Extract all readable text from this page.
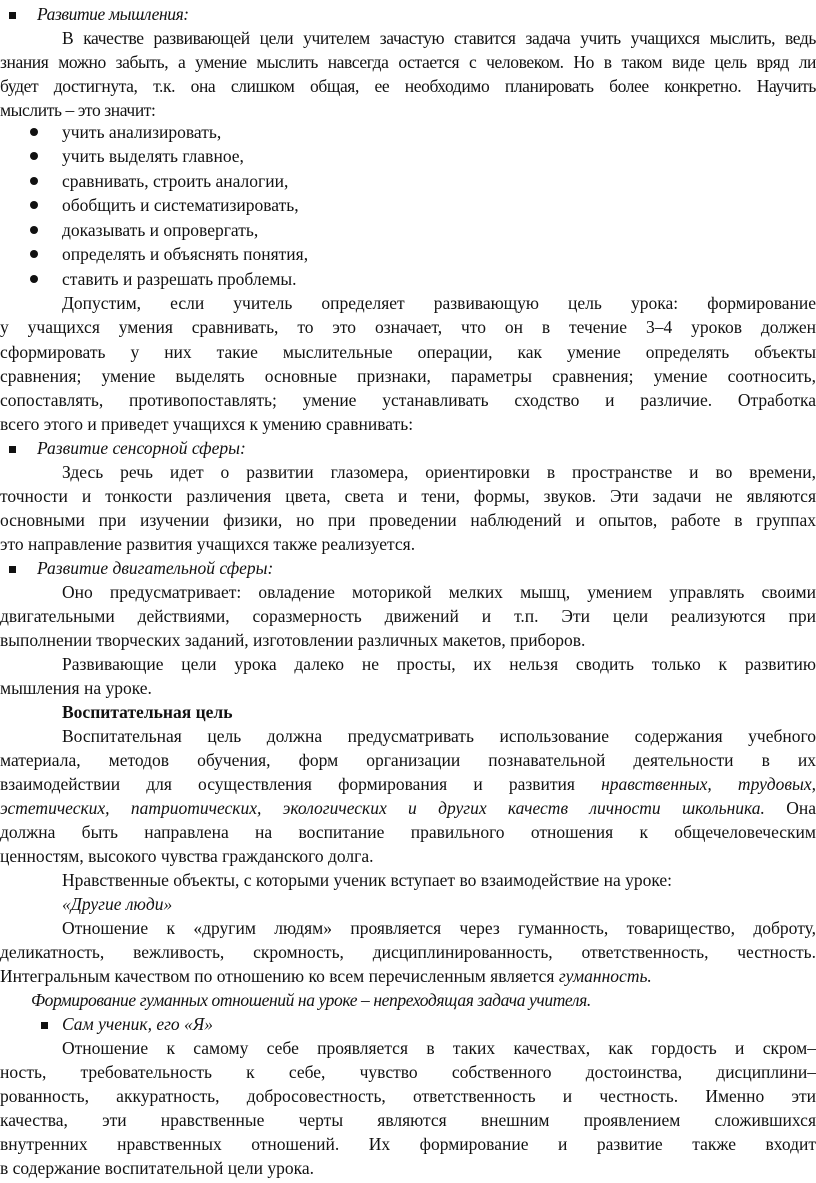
Развитие мышления:
В качестве развивающей цели учителем зачастую ставится задача учить учащихся мыслить, ведь
знания можно забыть, а умение мыслить навсегда остается с человеком. Но в таком виде цель вряд ли
будет достигнута, т.к. она слишком общая, ее необходимо планировать более конкретно. Научить
мыслить – это значит:
учить анализировать,
учить выделять главное,
сравнивать, строить аналогии,
обобщить и систематизировать,
доказывать и опровергать,
определять и объяснять понятия,
ставить и разрешать проблемы.
Допустим, если учитель определяет развивающую цель урока: формирование
у учащихся умения сравнивать, то это означает, что он в течение 3–4 уроков должен
сформировать у них такие мыслительные операции, как умение определять объекты
сравнения; умение выделять основные признаки, параметры сравнения; умение соотносить,
сопоставлять, противопоставлять; умение устанавливать сходство и различие. Отработка
всего этого и приведет учащихся к умению сравнивать:
Развитие сенсорной сферы:
Здесь речь идет о развитии глазомера, ориентировки в пространстве и во времени,
точности и тонкости различения цвета, света и тени, формы, звуков. Эти задачи не являются
основными при изучении физики, но при проведении наблюдений и опытов, работе в группах
это направление развития учащихся также реализуется.
Развитие двигательной сферы:
Оно предусматривает: овладение моторикой мелких мышц, умением управлять своими
двигательными действиями, соразмерность движений и т.п. Эти цели реализуются при
выполнении творческих заданий, изготовлении различных макетов, приборов.
Развивающие цели урока далеко не просты, их нельзя сводить только к развитию
мышления на уроке.
Воспитательная цель
Воспитательная цель должна предусматривать использование содержания учебного
материала, методов обучения, форм организации познавательной деятельности в их
взаимодействии для осуществления формирования и развития нравственных, трудовых,
эстетических, патриотических, экологических и других качеств личности школьника. Она
должна быть направлена на воспитание правильного отношения к общечеловеческим
ценностям, высокого чувства гражданского долга.
Нравственные объекты, с которыми ученик вступает во взаимодействие на уроке:
«Другие люди»
Отношение к «другим людям» проявляется через гуманность, товарищество, доброту,
деликатность, вежливость, скромность, дисциплинированность, ответственность, честность.
Интегральным качеством по отношению ко всем перечисленным является гуманность.
Формирование гуманных отношений на уроке – непреходящая задача учителя.
Сам ученик, его «Я»
Отношение к самому себе проявляется в таких качествах, как гордость и скром–
ность, требовательность к себе, чувство собственного достоинства, дисциплини–
рованность, аккуратность, добросовестность, ответственность и честность. Именно эти
качества, эти нравственные черты являются внешним проявлением сложившихся
внутренних нравственных отношений. Их формирование и развитие также входит
в содержание воспитательной цели урока.
